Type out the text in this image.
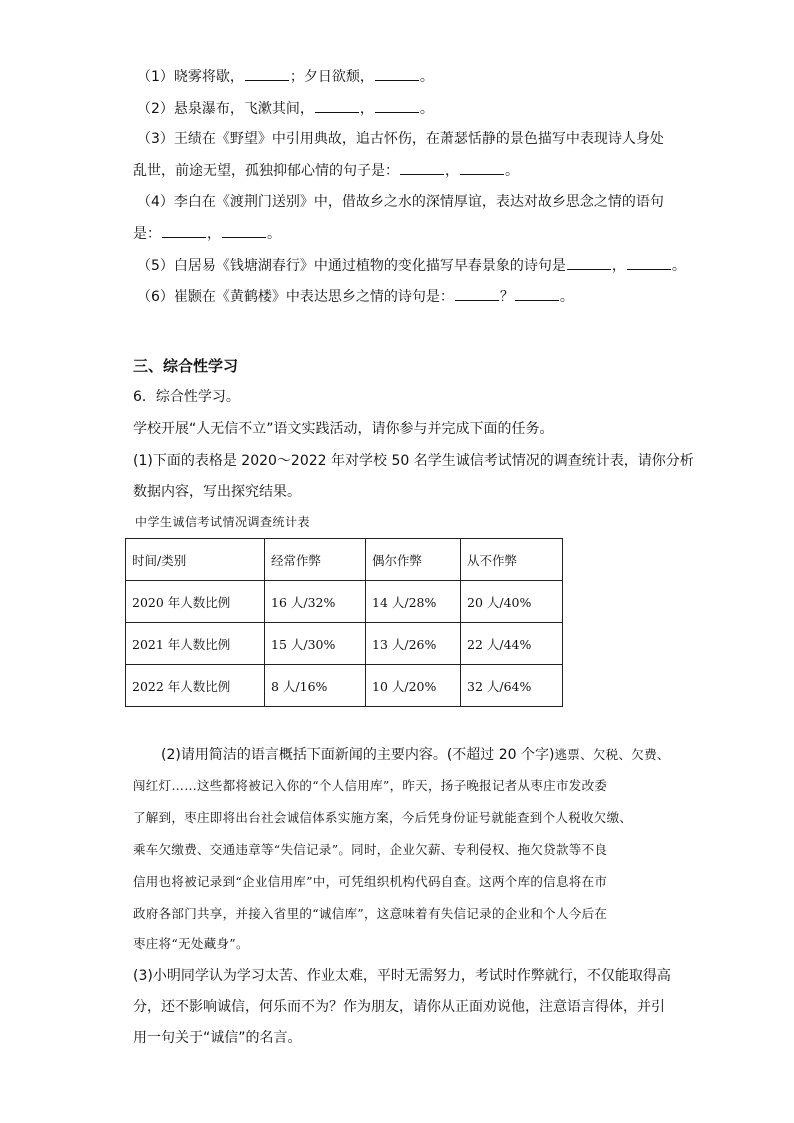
（1）晓雾将歇，	；夕日欲颓，	。
（2）悬泉瀑布，飞漱其间，	，	。
（3）王绩在《野望》中引用典故，追古怀伤，在萧瑟恬静的景色描写中表现诗人身处
乱世，前途无望，孤独抑郁心情的句子是：	，	。
（4）李白在《渡荆门送别》中，借故乡之水的深情厚谊，表达对故乡思念之情的语句
是：	，	。
（5）白居易《钱塘湖春行》中通过植物的变化描写早春景象的诗句是	，	。
（6）崔颢在《黄鹤楼》中表达思乡之情的诗句是：	？	。
三、综合性学习
6．综合性学习。
学校开展“人无信不立”语文实践活动，请你参与并完成下面的任务。
(1)下面的表格是 2020～2022 年对学校 50 名学生诚信考试情况的调查统计表，请你分析
数据内容，写出探究结果。
中学生诚信考试情况调查统计表
时间/类别	经常作弊	偶尔作弊	从不作弊
2020 年人数比例	16 人/32%	14 人/28%	20 人/40%
2021 年人数比例	15 人/30%	13 人/26%	22 人/44%
2022 年人数比例	8 人/16%	10 人/20%	32 人/64%
(2)请用简洁的语言概括下面新闻的主要内容。(不超过 20 个字)逃票、欠税、欠费、
闯红灯……这些都将被记入你的“个人信用库”，昨天，扬子晚报记者从枣庄市发改委
了解到，枣庄即将出台社会诚信体系实施方案，今后凭身份证号就能查到个人税收欠缴、
乘车欠缴费、交通违章等“失信记录”。同时，企业欠薪、专利侵权、拖欠贷款等不良
信用也将被记录到“企业信用库”中，可凭组织机构代码自查。这两个库的信息将在市
政府各部门共享，并接入省里的“诚信库”，这意味着有失信记录的企业和个人今后在
枣庄将“无处藏身”。
(3)小明同学认为学习太苦、作业太难，平时无需努力，考试时作弊就行，不仅能取得高
分，还不影响诚信，何乐而不为？作为朋友，请你从正面劝说他，注意语言得体，并引
用一句关于“诚信”的名言。
